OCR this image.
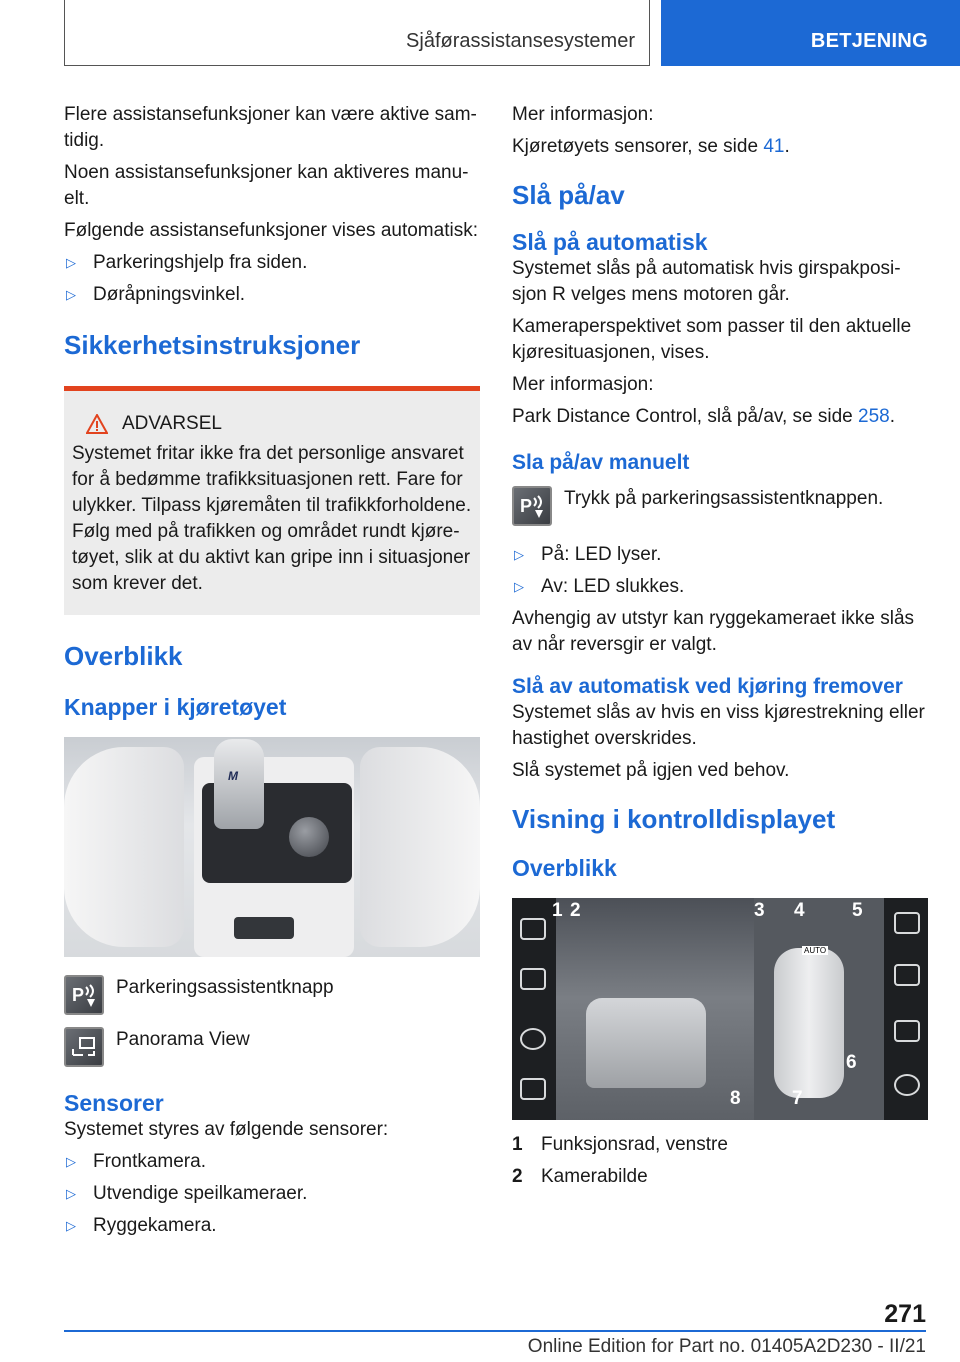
Sjåførassistansesystemer	BETJENING

Flere assistansefunksjoner kan være aktive sam-tidig.

Noen assistansefunksjoner kan aktiveres manu-elt.

Følgende assistansefunksjoner vises automatisk:

▷ Parkeringshjelp fra siden.
▷ Døråpningsvinkel.
Sikkerhetsinstruksjoner
ADVARSEL

Systemet fritar ikke fra det personlige ansvaret for å bedømme trafikksituasjonen rett. Fare for ulykker. Tilpass kjøremåten til trafikkforholdene. Følg med på trafikken og området rundt kjøre-tøyet, slik at du aktivt kan gripe inn i situasjoner som krever det.

Overblikk
Knapper i kjøretøyet
M
P Parkeringsassistentknapp
Panorama View
Sensorer

Systemet styres av følgende sensorer:

▷ Frontkamera.
▷ Utvendige speilkameraer.
▷ Ryggekamera.

Mer informasjon:

Kjøretøyets sensorer, se side 41.

Slå på/av
Slå på automatisk

Systemet slås på automatisk hvis girspakposi-sjon R velges mens motoren går.

Kameraperspektivet som passer til den aktuelle kjøresituasjonen, vises.

Mer informasjon:

Park Distance Control, slå på/av, se side 258.

Sla på/av manuelt
P Trykk på parkeringsassistentknappen.
▷ På: LED lyser.
▷ Av: LED slukkes.

Avhengig av utstyr kan ryggekameraet ikke slås av når reversgir er valgt.

Slå av automatisk ved kjøring fremover

Systemet slås av hvis en viss kjørestrekning eller hastighet overskrides.

Slå systemet på igjen ved behov.

Visning i kontrolldisplayet
Overblikk
1 2	3 4 5
6
7
8
AUTO
1 Funksjonsrad, venstre
2 Kamerabilde
271
Online Edition for Part no. 01405A2D230 - II/21
